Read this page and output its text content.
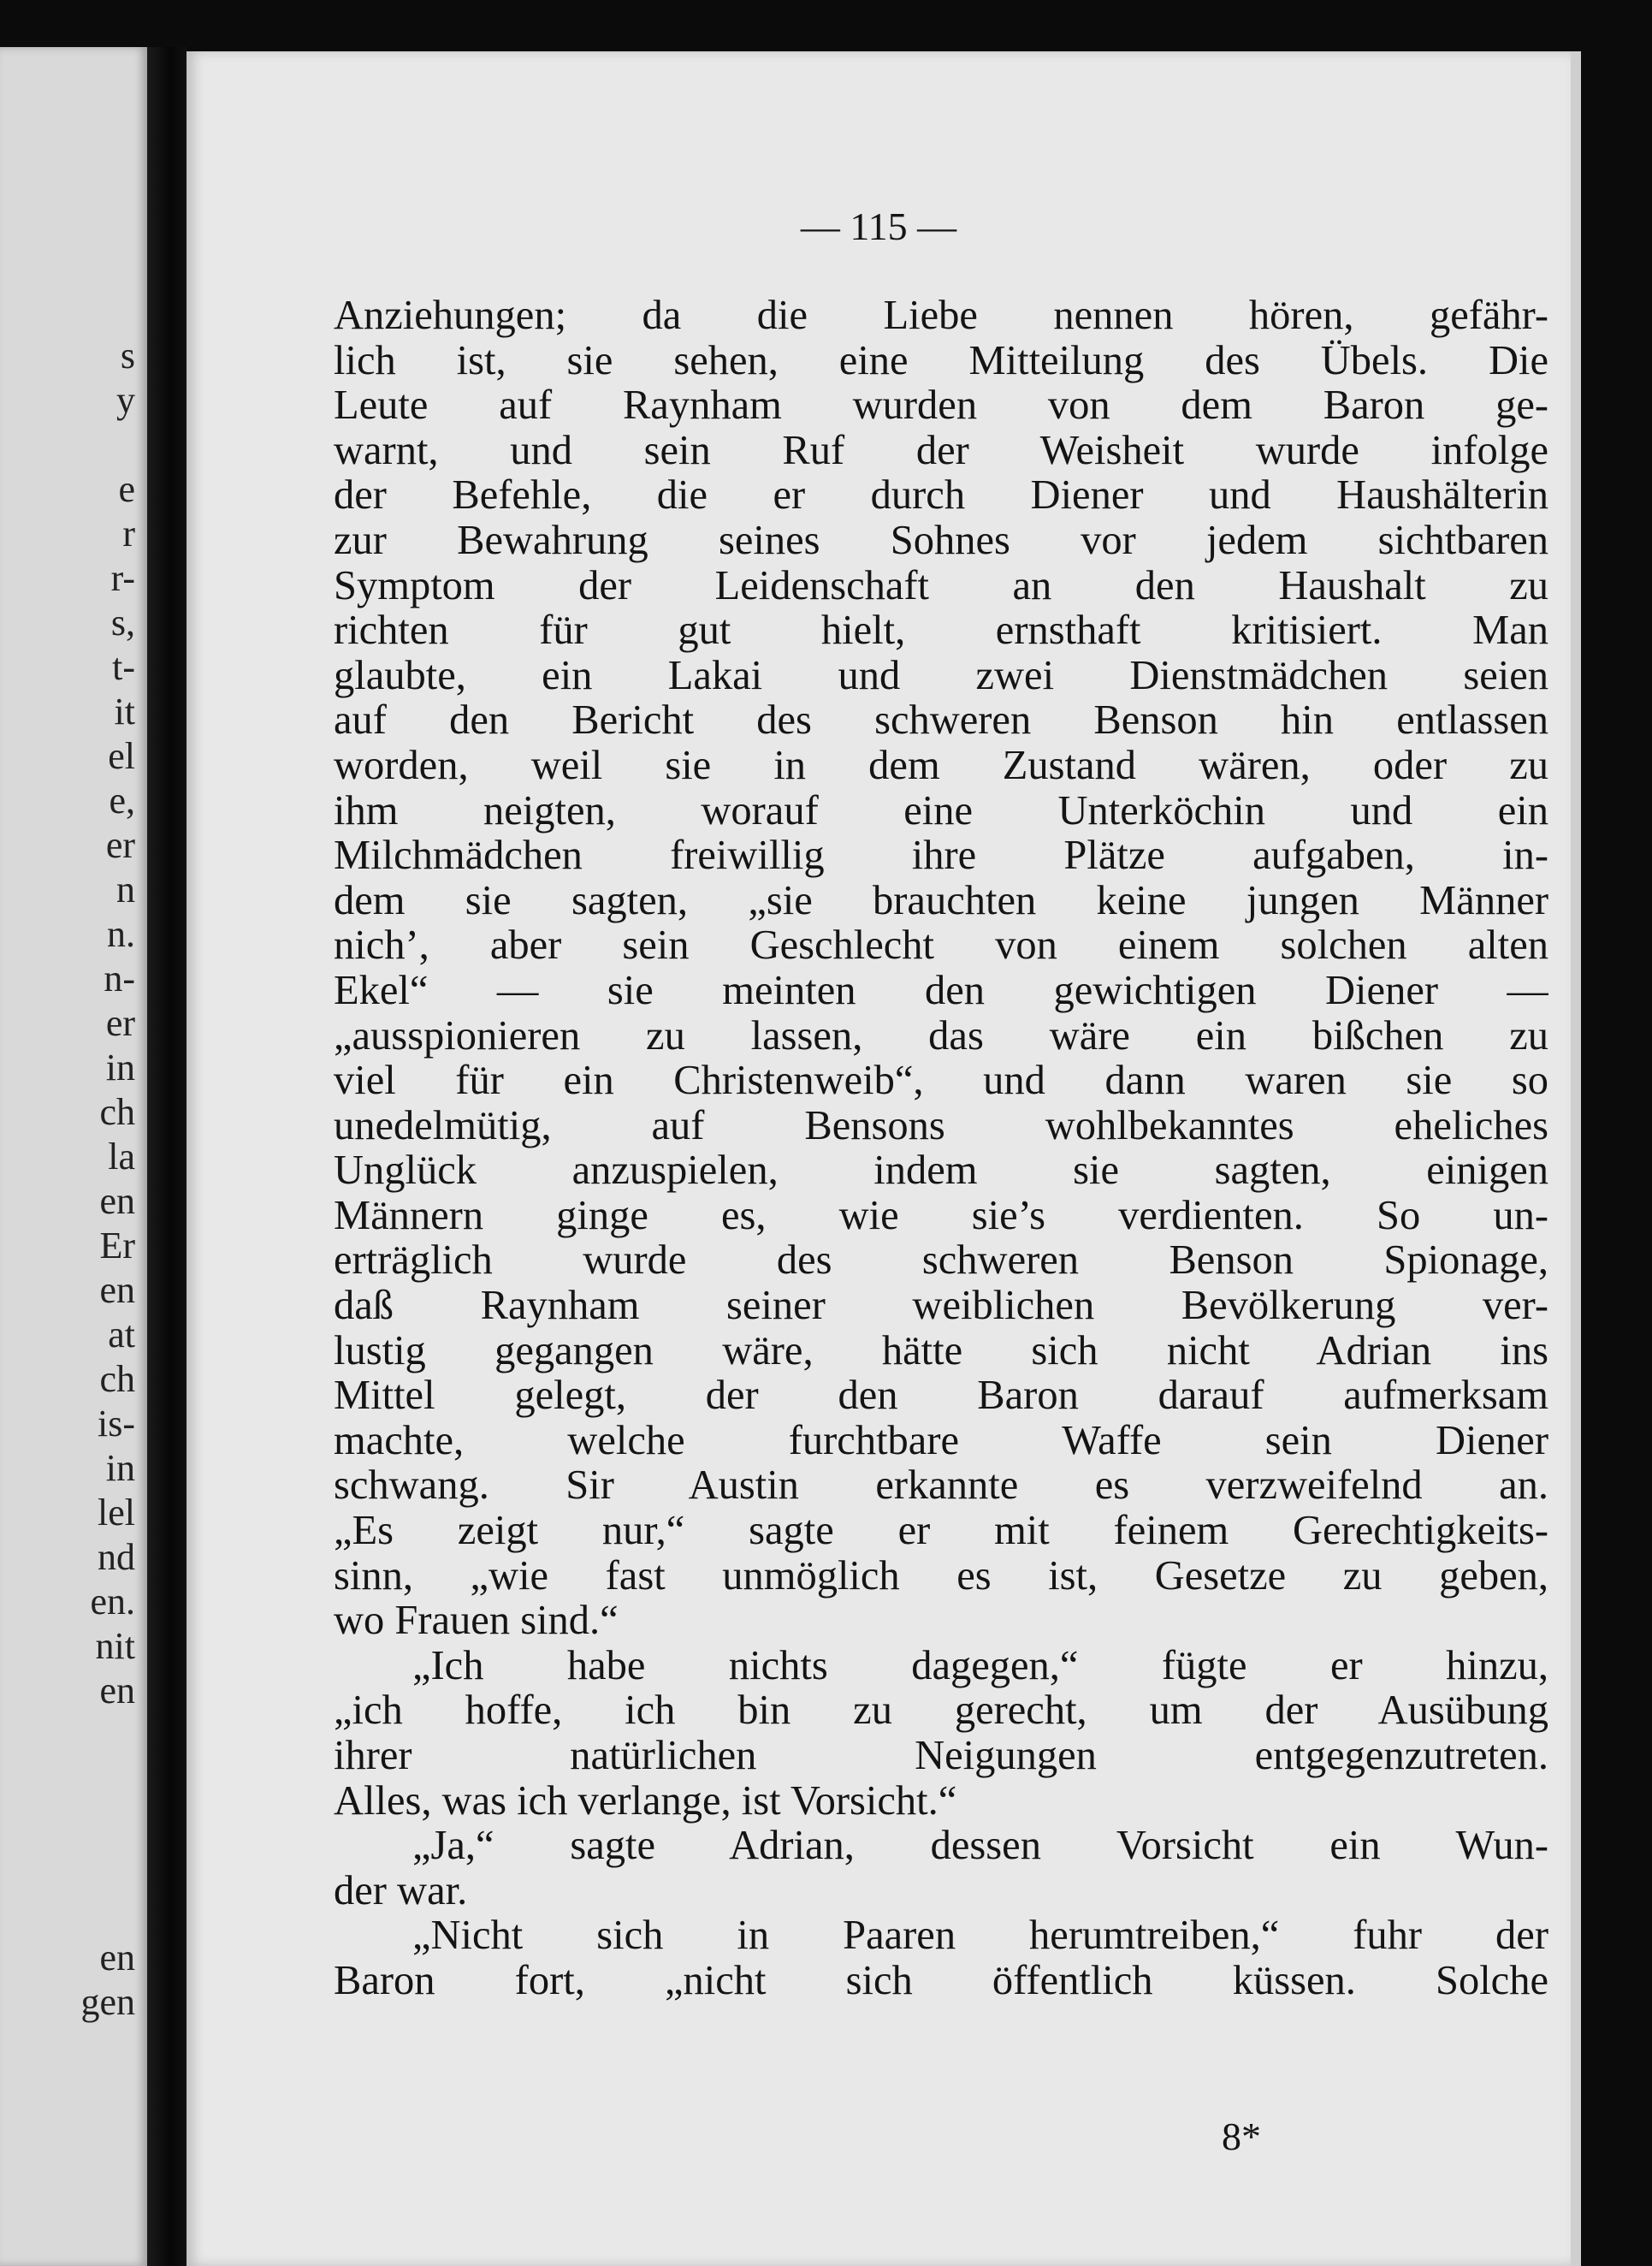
s
y

e
r
r-
s,
t-
it
el
e,
er
n
n.
n-
er
in
ch
la
en
Er
en
at
ch
is-
in
lel
nd
en.
nit
en

en
gen
— 115 —
Anziehungen; da die Liebe nennen hören, gefähr-
lich ist, sie sehen, eine Mitteilung des Übels. Die
Leute auf Raynham wurden von dem Baron ge-
warnt, und sein Ruf der Weisheit wurde infolge
der Befehle, die er durch Diener und Haushälterin
zur Bewahrung seines Sohnes vor jedem sichtbaren
Symptom der Leidenschaft an den Haushalt zu
richten für gut hielt, ernsthaft kritisiert. Man
glaubte, ein Lakai und zwei Dienstmädchen seien
auf den Bericht des schweren Benson hin entlassen
worden, weil sie in dem Zustand wären, oder zu
ihm neigten, worauf eine Unterköchin und ein
Milchmädchen freiwillig ihre Plätze aufgaben, in-
dem sie sagten, „sie brauchten keine jungen Männer
nich’, aber sein Geschlecht von einem solchen alten
Ekel“ — sie meinten den gewichtigen Diener —
„ausspionieren zu lassen, das wäre ein bißchen zu
viel für ein Christenweib“, und dann waren sie so
unedelmütig, auf Bensons wohlbekanntes eheliches
Unglück anzuspielen, indem sie sagten, einigen
Männern ginge es, wie sie’s verdienten. So un-
erträglich wurde des schweren Benson Spionage,
daß Raynham seiner weiblichen Bevölkerung ver-
lustig gegangen wäre, hätte sich nicht Adrian ins
Mittel gelegt, der den Baron darauf aufmerksam
machte, welche furchtbare Waffe sein Diener
schwang. Sir Austin erkannte es verzweifelnd an.
„Es zeigt nur,“ sagte er mit feinem Gerechtigkeits-
sinn, „wie fast unmöglich es ist, Gesetze zu geben,
wo Frauen sind.“
„Ich habe nichts dagegen,“ fügte er hinzu,
„ich hoffe, ich bin zu gerecht, um der Ausübung
ihrer natürlichen Neigungen entgegenzutreten.
Alles, was ich verlange, ist Vorsicht.“
„Ja,“ sagte Adrian, dessen Vorsicht ein Wun-
der war.
„Nicht sich in Paaren herumtreiben,“ fuhr der
Baron fort, „nicht sich öffentlich küssen. Solche
8*
